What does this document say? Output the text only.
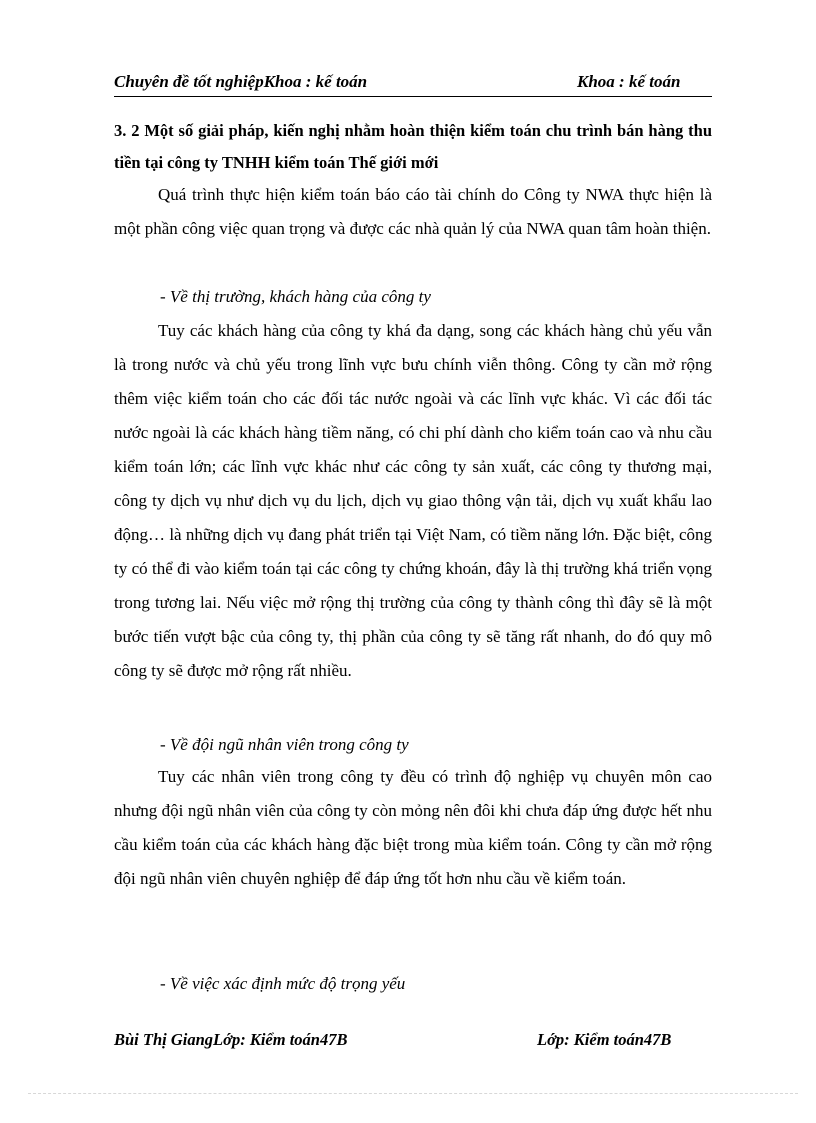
Chuyên đề tốt nghiệpKhoa : kế toán	Khoa : kế toán

3. 2 Một số giải pháp, kiến nghị nhằm hoàn thiện kiểm toán chu trình bán hàng thu tiền tại công ty TNHH kiểm toán Thế giới mới

Quá trình thực hiện kiểm toán báo cáo tài chính do Công ty NWA thực hiện là một phần công việc quan trọng và được các nhà quản lý của NWA quan tâm hoàn thiện.

- Về thị trường, khách hàng của công ty

Tuy các khách hàng của công ty khá đa dạng, song các khách hàng chủ yếu vẫn là trong nước và chủ yếu trong lĩnh vực bưu chính viễn thông. Công ty cần mở rộng thêm việc kiểm toán cho các đối tác nước ngoài và các lĩnh vực khác. Vì các đối tác nước ngoài là các khách hàng tiềm năng, có chi phí dành cho kiểm toán cao và nhu cầu kiểm toán lớn; các lĩnh vực khác như các công ty sản xuất, các công ty thương mại, công ty dịch vụ như dịch vụ du lịch, dịch vụ giao thông vận tải, dịch vụ xuất khẩu lao động… là những dịch vụ đang phát triển tại Việt Nam, có tiềm năng lớn. Đặc biệt, công ty có thể đi vào kiểm toán tại các công ty chứng khoán, đây là thị trường khá triển vọng trong tương lai. Nếu việc mở rộng thị trường của công ty thành công thì đây sẽ là một bước tiến vượt bậc của công ty, thị phần của công ty sẽ tăng rất nhanh, do đó quy mô công ty sẽ được mở rộng rất nhiều.

- Về đội ngũ nhân viên trong công ty

Tuy các nhân viên trong công ty đều có trình độ nghiệp vụ chuyên môn cao nhưng đội ngũ nhân viên của công ty còn mỏng nên đôi khi chưa đáp ứng được hết nhu cầu kiểm toán của các khách hàng đặc biệt trong mùa kiểm toán. Công ty cần mở rộng đội ngũ nhân viên chuyên nghiệp để đáp ứng tốt hơn nhu cầu về kiểm toán.

- Về việc xác định mức độ trọng yếu

Bùi Thị GiangLớp: Kiểm toán47B	Lớp: Kiểm toán47B
